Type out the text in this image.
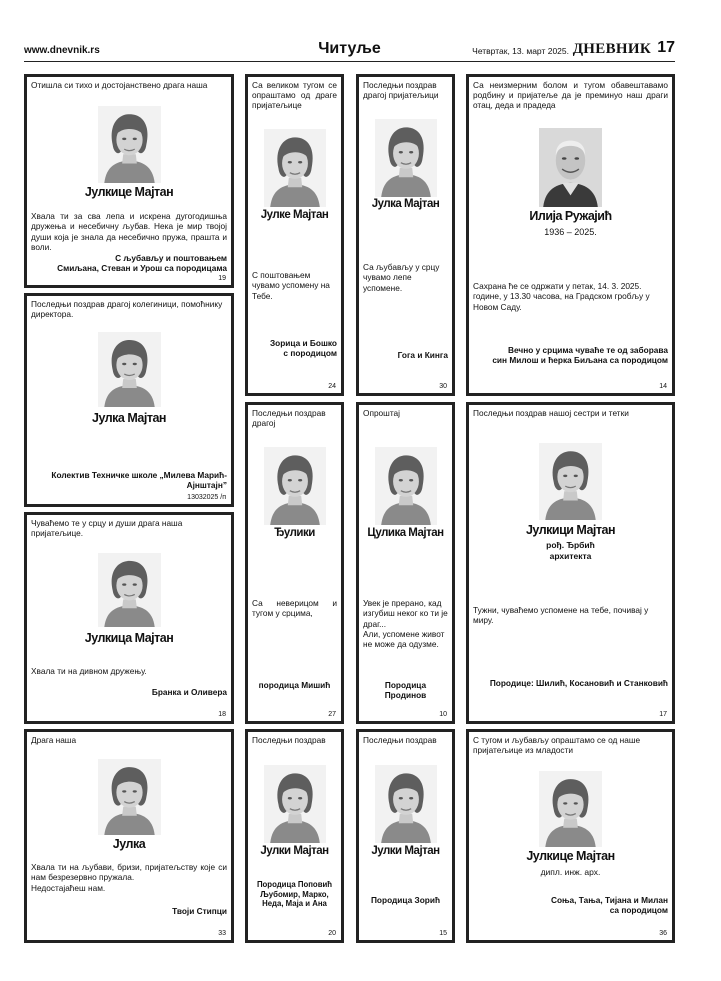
www.dnevnik.rs	Читуље	Четвртак, 13. март 2025. ДНЕВНИК 17
Отишла си тихо и достојанствено драга наша
Јулкице Мајтан
Хвала ти за сва лепа и искрена дугогодишња дружења и несебичну љубав. Нека је мир твојој души која је знала да несебично пружа, прашта и воли.
С љубављу и поштовањем
Смиљана, Стеван и Урош са породицама
19
Последњи поздрав драгој колегиници, помоћнику директора.
Јулка Мајтан
Колектив Техничке школе „Милева Марић-Ајнштајн”
13032025 /п
Чуваћемо те у срцу и души драга наша пријатељице.
Јулкица Мајтан
Хвала ти на дивном дружењу.
Бранка и Оливера
18
Драга наша
Јулка
Хвала ти на љубави, бризи, пријатељству које си нам безрезервно пружала.
Недостајаћеш нам.
Твоји Стипци
33
Са великом тугом се опраштамо од драге пријатељице
Јулке Мајтан
С поштовањем чувамо успомену на Тебе.
Зорица и Бошко
с породицом
24
Последњи поздрав драгој
Ђулики
Са неверицом и тугом у срцима,
породица Мишић
27
Последњи поздрав
Јулки Мајтан
Породица Поповић
Љубомир, Марко,
Неда, Маја и Ана
20
Последњи поздрав драгој пријатељици
Јулка Мајтан
Са љубављу у срцу чувамо лепе успомене.
Гога и Кинга
30
Опроштај
Цулика Мајтан
Увек је прерано, кад изгубиш неког ко ти је драг...
Али, успомене живот не може да одузме.
Породица Продинов
10
Последњи поздрав
Јулки Мајтан
Породица Зорић
15
Са неизмерним болом и тугом обавештавамо родбину и пријатеље да је преминуо наш драги отац, деда и прадеда
Илија Ружајић
1936 – 2025.
Сахрана ће се одржати у петак, 14. 3. 2025. године, у 13.30 часова, на Градском гробљу у Новом Саду.
Вечно у срцима чуваће те од заборава
син Милош и ћерка Биљана са породицом
14
Последњи поздрав нашој сестри и тетки
Јулкици Мајтан
рођ. Ђрбић
архитекта
Тужни, чуваћемо успомене на тебе, почивај у миру.
Породице: Шилић, Косановић и Станковић
17
С тугом и љубављу опраштамо се од наше пријатељице из младости
Јулкице Мајтан
дипл. инж. арх.
Соња, Тања, Тијана и Милан
са породицом
36
